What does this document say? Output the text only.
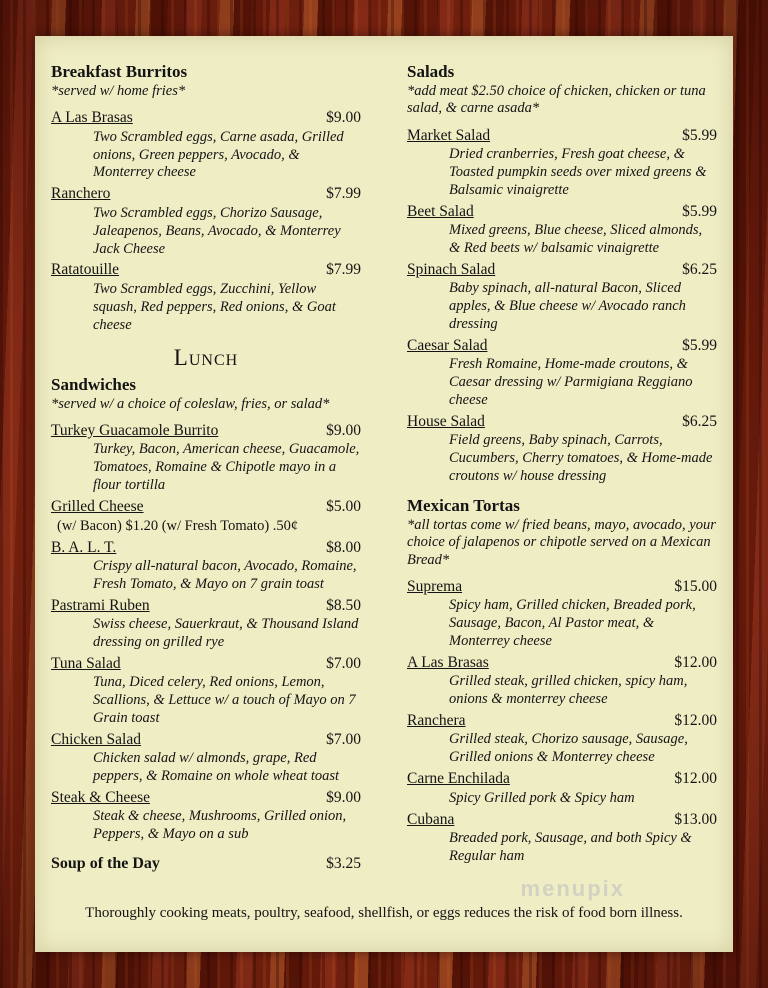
Breakfast Burritos
*served w/ home fries*
A Las Brasas	$9.00
Two Scrambled eggs, Carne asada, Grilled onions, Green peppers, Avocado, & Monterrey cheese
Ranchero	$7.99
Two Scrambled eggs, Chorizo Sausage, Jaleapenos, Beans, Avocado, & Monterrey Jack Cheese
Ratatouille	$7.99
Two Scrambled eggs, Zucchini, Yellow squash, Red peppers, Red onions, & Goat cheese
Lunch
Sandwiches
*served w/ a choice of coleslaw, fries, or salad*
Turkey Guacamole Burrito	$9.00
Turkey, Bacon, American cheese, Guacamole, Tomatoes, Romaine & Chipotle mayo in a flour tortilla
Grilled Cheese	$5.00
(w/ Bacon) $1.20 (w/ Fresh Tomato) .50¢
B. A. L. T.	$8.00
Crispy all-natural bacon, Avocado, Romaine, Fresh Tomato, & Mayo on 7 grain toast
Pastrami Ruben	$8.50
Swiss cheese, Sauerkraut, & Thousand Island dressing on grilled rye
Tuna Salad	$7.00
Tuna, Diced celery, Red onions, Lemon, Scallions, & Lettuce w/ a touch of Mayo on 7 Grain toast
Chicken Salad	$7.00
Chicken salad w/ almonds, grape, Red peppers, & Romaine on whole wheat toast
Steak & Cheese	$9.00
Steak & cheese, Mushrooms, Grilled onion, Peppers, & Mayo on a sub
Soup of the Day	$3.25
Salads
*add meat $2.50 choice of chicken, chicken or tuna salad, & carne asada*
Market Salad	$5.99
Dried cranberries, Fresh goat cheese, & Toasted pumpkin seeds over mixed greens & Balsamic vinaigrette
Beet Salad	$5.99
Mixed greens, Blue cheese, Sliced almonds, & Red beets w/ balsamic vinaigrette
Spinach Salad	$6.25
Baby spinach, all-natural Bacon, Sliced apples, & Blue cheese w/ Avocado ranch dressing
Caesar Salad	$5.99
Fresh Romaine, Home-made croutons, & Caesar dressing w/ Parmigiana Reggiano cheese
House Salad	$6.25
Field greens, Baby spinach, Carrots, Cucumbers, Cherry tomatoes, & Home-made croutons w/ house dressing
Mexican Tortas
*all tortas come w/ fried beans, mayo, avocado, your choice of jalapenos or chipotle served on a Mexican Bread*
Suprema	$15.00
Spicy ham, Grilled chicken, Breaded pork, Sausage, Bacon, Al Pastor meat, & Monterrey cheese
A Las Brasas	$12.00
Grilled steak, grilled chicken, spicy ham, onions & monterrey cheese
Ranchera	$12.00
Grilled steak, Chorizo sausage, Sausage, Grilled onions & Monterrey cheese
Carne Enchilada	$12.00
Spicy Grilled pork & Spicy ham
Cubana	$13.00
Breaded pork, Sausage, and both Spicy & Regular ham
menupix
Thoroughly cooking meats, poultry, seafood, shellfish, or eggs reduces the risk of food born illness.
